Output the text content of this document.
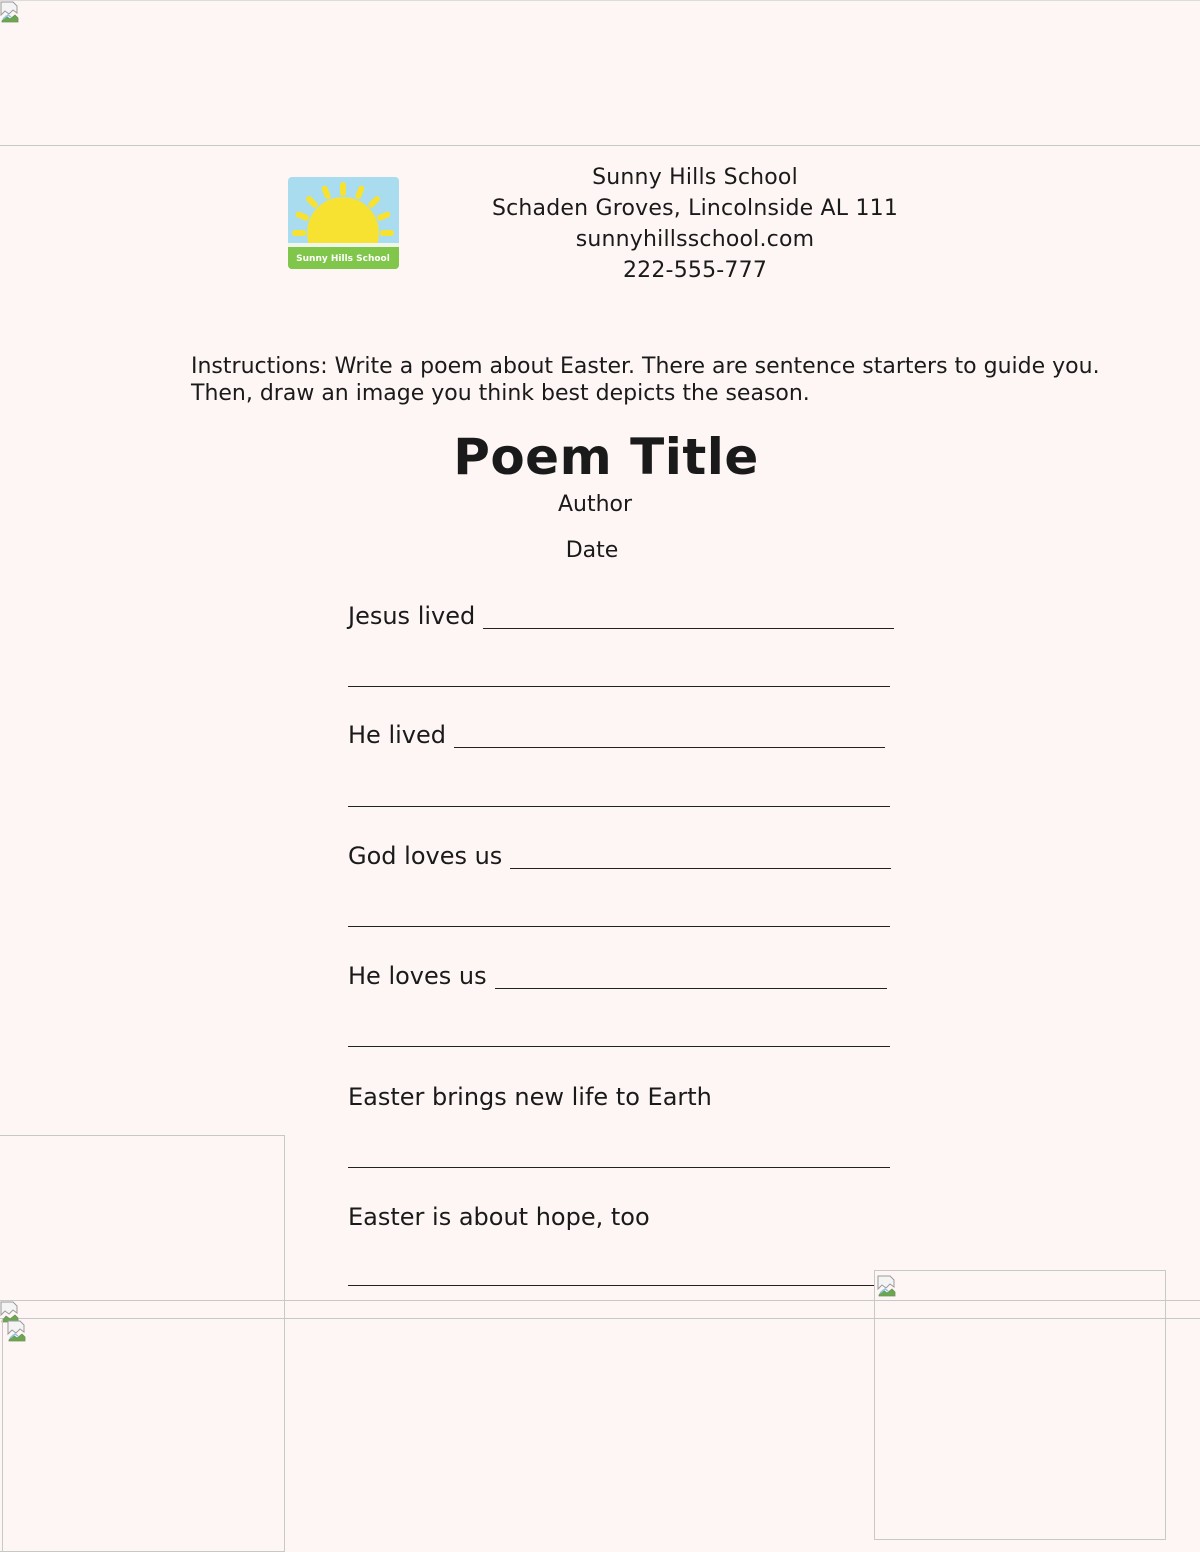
Sunny Hills School
Sunny Hills School
Schaden Groves, Lincolnside AL 111
sunnyhillsschool.com
222-555-777
Instructions: Write a poem about Easter. There are sentence starters to guide you. Then, draw an image you think best depicts the season.
Poem Title
Author
Date
Jesus lived
He lived
God loves us
He loves us
Easter brings new life to Earth
Easter is about hope, too
